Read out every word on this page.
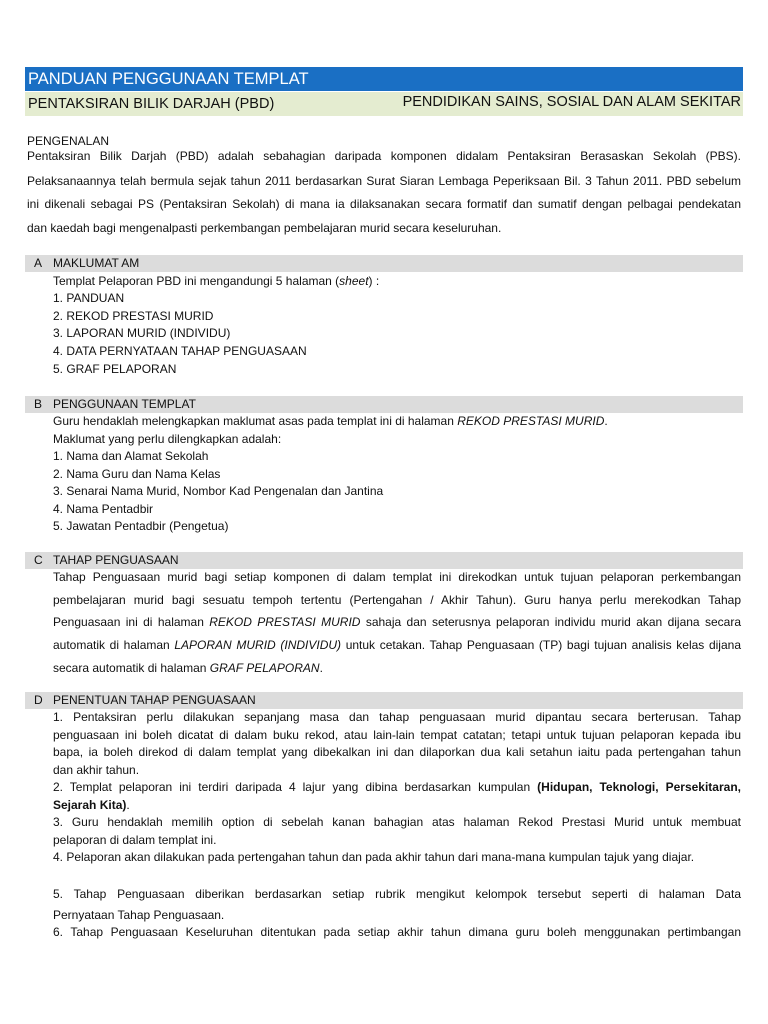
PANDUAN PENGGUNAAN TEMPLAT
PENTAKSIRAN BILIK DARJAH (PBD)	PENDIDIKAN SAINS, SOSIAL DAN ALAM SEKITAR
PENGENALAN
Pentaksiran Bilik Darjah (PBD) adalah sebahagian daripada komponen didalam Pentaksiran Berasaskan Sekolah (PBS).
Pelaksanaannya telah bermula sejak tahun 2011 berdasarkan Surat Siaran Lembaga Peperiksaan Bil. 3 Tahun 2011. PBD sebelum
ini dikenali sebagai PS (Pentaksiran Sekolah) di mana ia dilaksanakan secara formatif dan sumatif dengan pelbagai pendekatan
dan kaedah bagi mengenalpasti perkembangan pembelajaran murid secara keseluruhan.
A MAKLUMAT AM
Templat Pelaporan PBD ini mengandungi 5 halaman (sheet) :
1. PANDUAN
2. REKOD PRESTASI MURID
3. LAPORAN MURID (INDIVIDU)
4. DATA PERNYATAAN TAHAP PENGUASAAN
5. GRAF PELAPORAN
B PENGGUNAAN TEMPLAT
Guru hendaklah melengkapkan maklumat asas pada templat ini di halaman REKOD PRESTASI MURID.
Maklumat yang perlu dilengkapkan adalah:
1. Nama dan Alamat Sekolah
2. Nama Guru dan Nama Kelas
3. Senarai Nama Murid, Nombor Kad Pengenalan dan Jantina
4. Nama Pentadbir
5. Jawatan Pentadbir (Pengetua)
C TAHAP PENGUASAAN
Tahap Penguasaan murid bagi setiap komponen di dalam templat ini direkodkan untuk tujuan pelaporan perkembangan
pembelajaran murid bagi sesuatu tempoh tertentu (Pertengahan / Akhir Tahun). Guru hanya perlu merekodkan Tahap
Penguasaan ini di halaman REKOD PRESTASI MURID sahaja dan seterusnya pelaporan individu murid akan dijana secara
automatik di halaman LAPORAN MURID (INDIVIDU) untuk cetakan. Tahap Penguasaan (TP) bagi tujuan analisis kelas dijana
secara automatik di halaman GRAF PELAPORAN.
D PENENTUAN TAHAP PENGUASAAN
1. Pentaksiran perlu dilakukan sepanjang masa dan tahap penguasaan murid dipantau secara berterusan. Tahap
penguasaan ini boleh dicatat di dalam buku rekod, atau lain-lain tempat catatan; tetapi untuk tujuan pelaporan kepada ibu
bapa, ia boleh direkod di dalam templat yang dibekalkan ini dan dilaporkan dua kali setahun iaitu pada pertengahan tahun
dan akhir tahun.
2. Templat pelaporan ini terdiri daripada 4 lajur yang dibina berdasarkan kumpulan (Hidupan, Teknologi, Persekitaran,
Sejarah Kita).
3. Guru hendaklah memilih option di sebelah kanan bahagian atas halaman Rekod Prestasi Murid untuk membuat
pelaporan di dalam templat ini.
4. Pelaporan akan dilakukan pada pertengahan tahun dan pada akhir tahun dari mana-mana kumpulan tajuk yang diajar.
5. Tahap Penguasaan diberikan berdasarkan setiap rubrik mengikut kelompok tersebut seperti di halaman Data
Pernyataan Tahap Penguasaan.
6. Tahap Penguasaan Keseluruhan ditentukan pada setiap akhir tahun dimana guru boleh menggunakan pertimbangan
